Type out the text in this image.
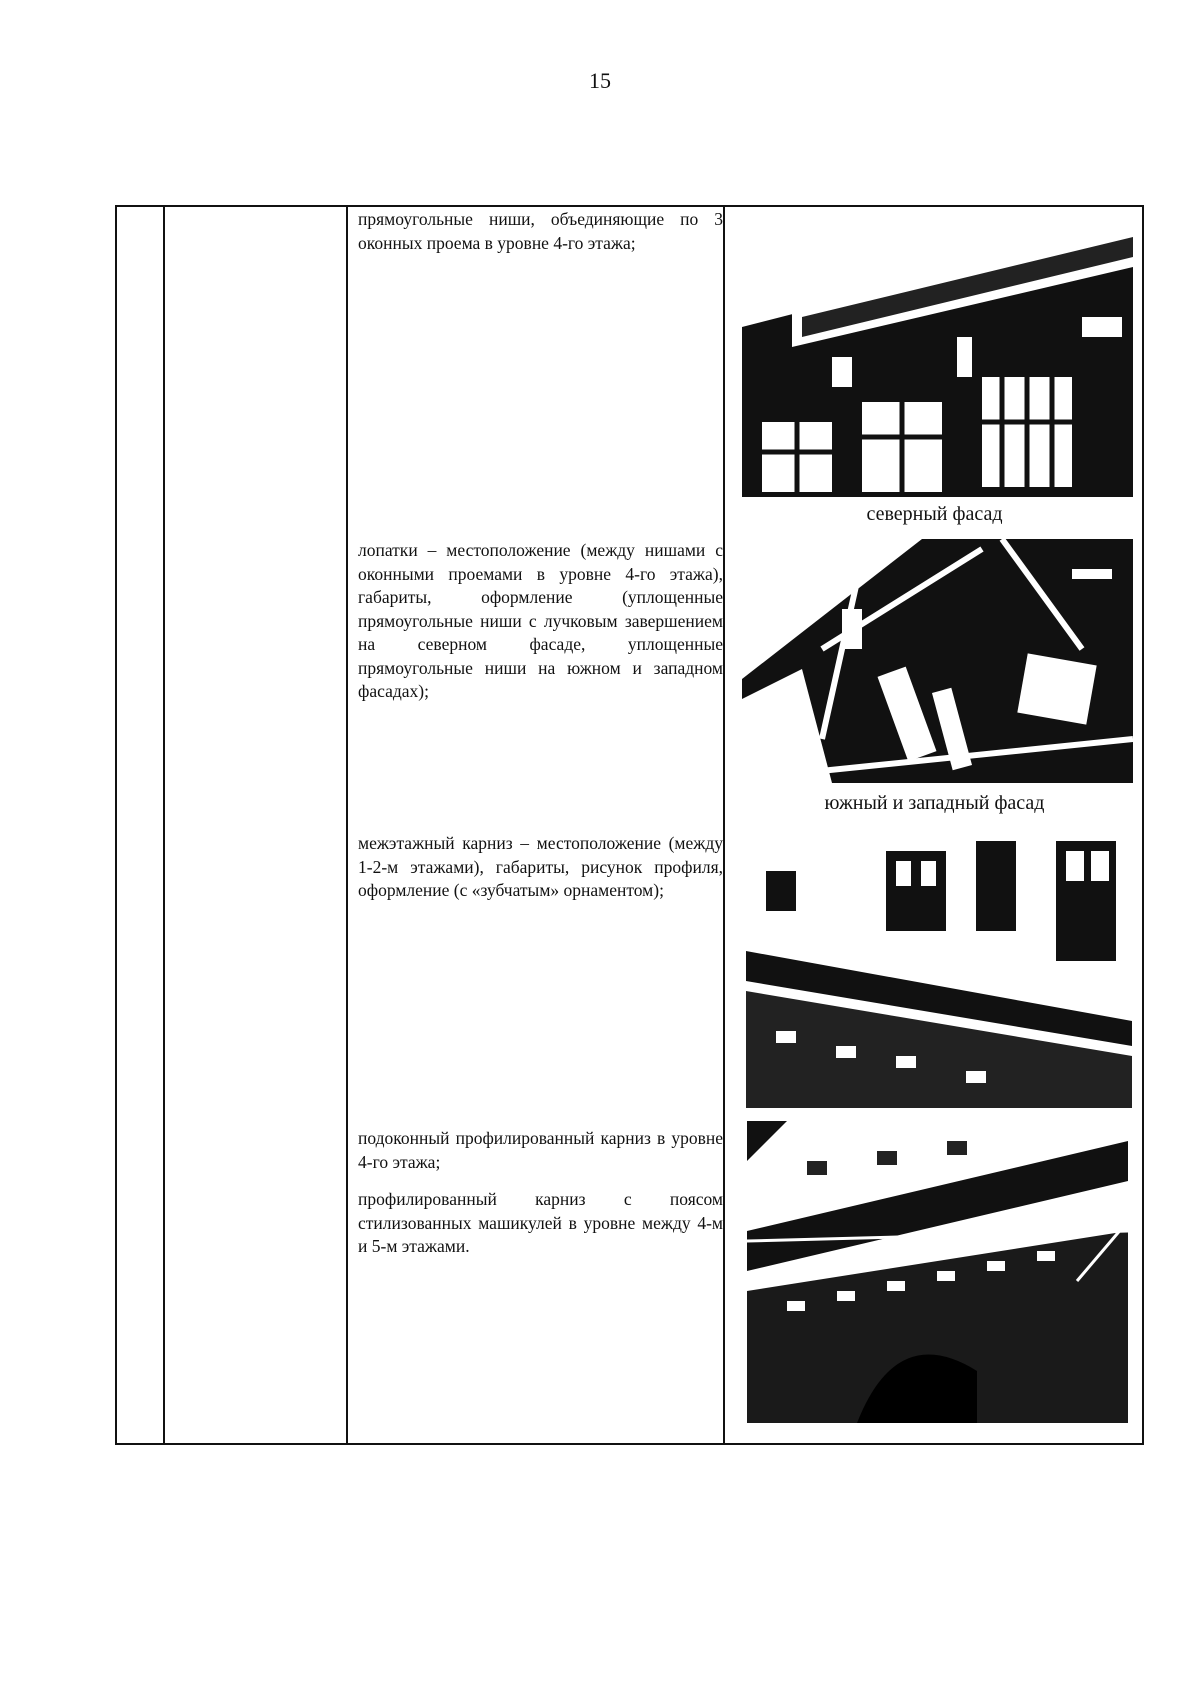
15

прямоугольные ниши, объединяющие по 3 оконных проема в уровне 4-го этажа;

северный фасад

лопатки – местоположение (между нишами с оконными проемами в уровне 4-го этажа), габариты, оформление (уплощенные прямоугольные ниши с лучковым завершением на северном фасаде, уплощенные прямоугольные ниши на южном и западном фасадах);

южный и западный фасад

межэтажный карниз – местоположение (между 1-2-м этажами), габариты, рисунок профиля, оформление (с «зубчатым» орнаментом);

подоконный профилированный карниз в уровне 4-го этажа;

профилированный карниз с поясом стилизованных машикулей в уровне между 4-м и 5-м этажами.
